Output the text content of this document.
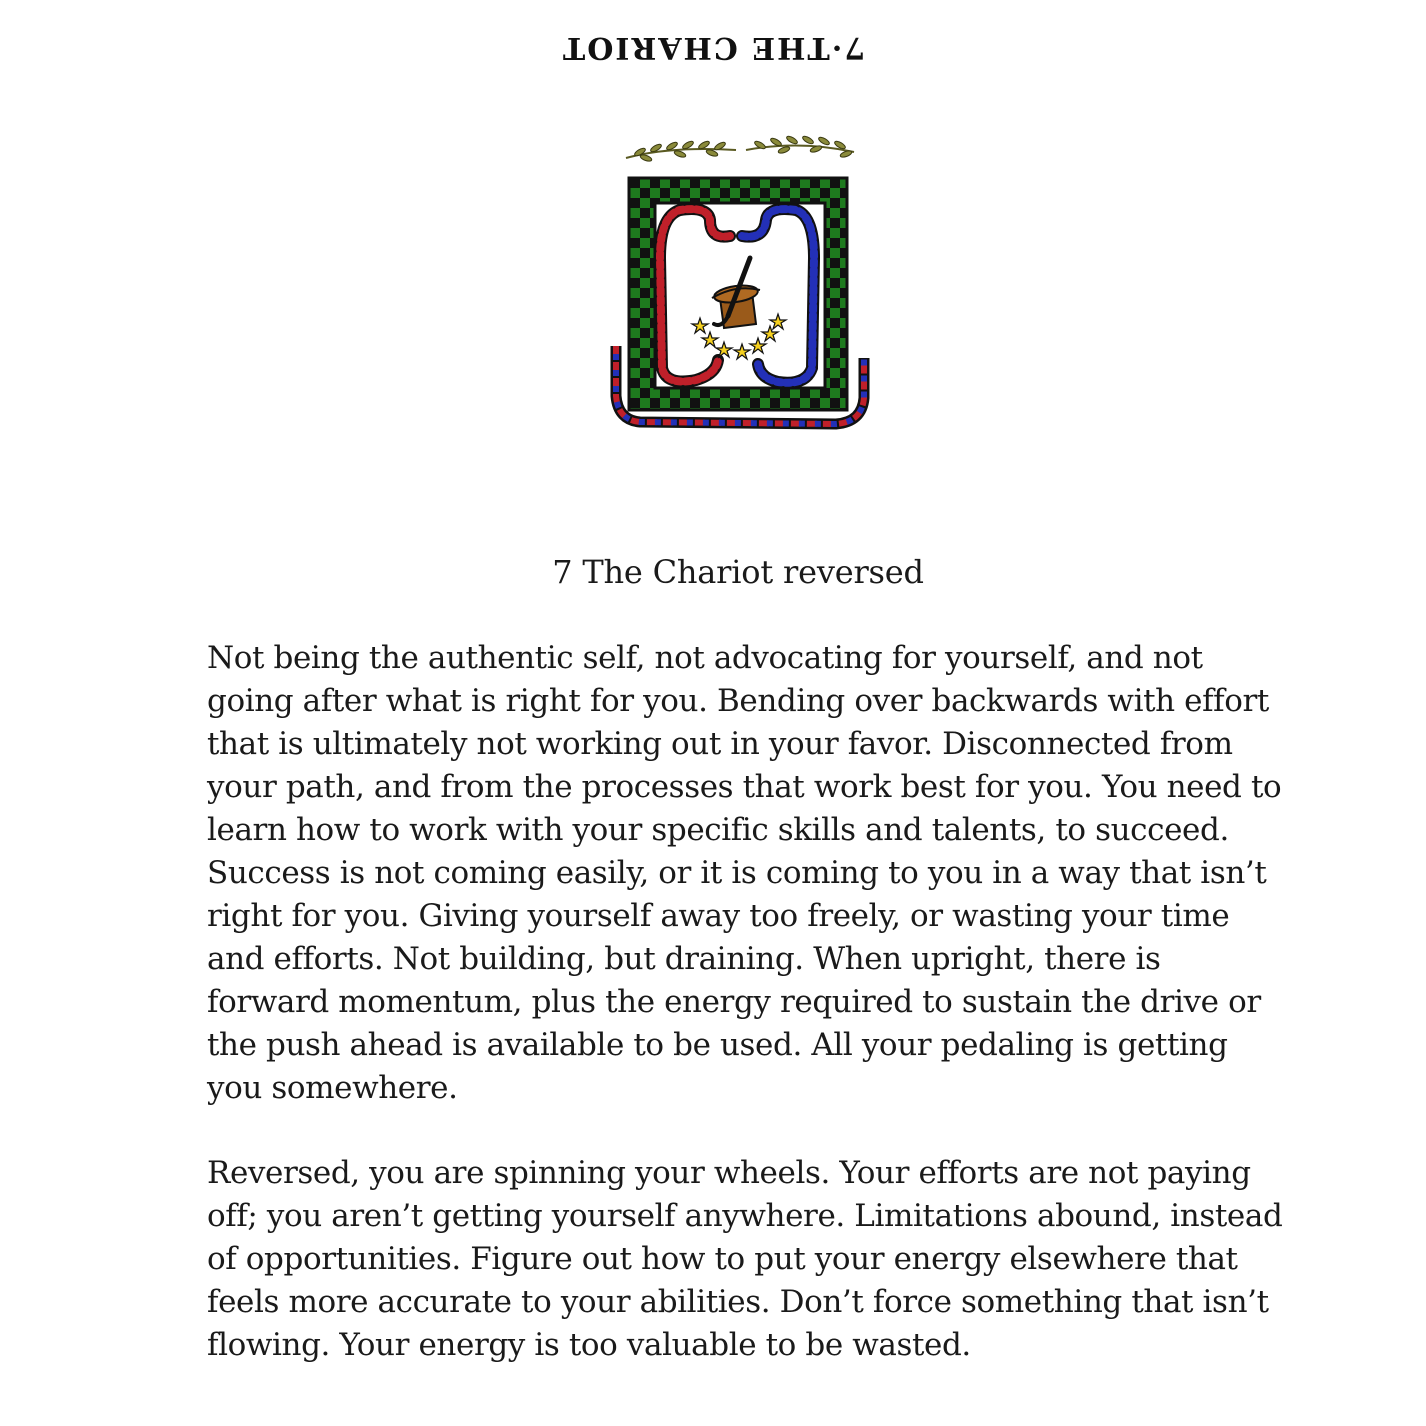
7·THE CHARIOT
7 The Chariot reversed

Not being the authentic self, not advocating for yourself, and not going after what is right for you. Bending over backwards with effort that is ultimately not working out in your favor. Disconnected from your path, and from the processes that work best for you. You need to learn how to work with your specific skills and talents, to succeed. Success is not coming easily, or it is coming to you in a way that isn’t right for you. Giving yourself away too freely, or wasting your time and efforts. Not building, but draining. When upright, there is forward momentum, plus the energy required to sustain the drive or the push ahead is available to be used. All your pedaling is getting you somewhere.

Reversed, you are spinning your wheels. Your efforts are not paying off; you aren’t getting yourself anywhere. Limitations abound, instead of opportunities. Figure out how to put your energy elsewhere that feels more accurate to your abilities. Don’t force something that isn’t flowing. Your energy is too valuable to be wasted.
